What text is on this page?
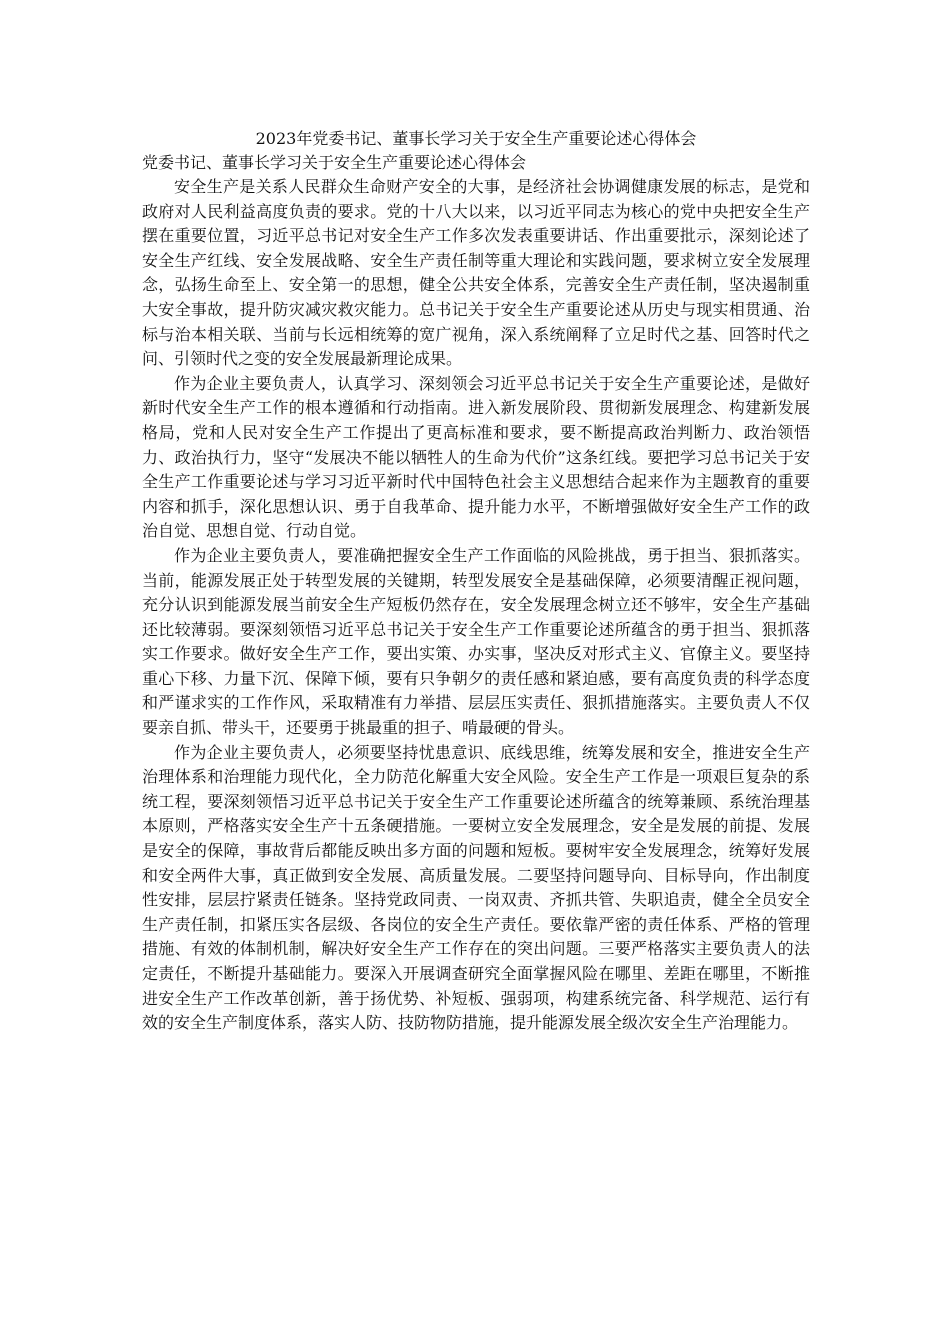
2023年党委书记、董事长学习关于安全生产重要论述心得体会
党委书记、董事长学习关于安全生产重要论述心得体会

安全生产是关系人民群众生命财产安全的大事，是经济社会协调健康发展的标志，是党和政府对人民利益高度负责的要求。党的十八大以来，以习近平同志为核心的党中央把安全生产摆在重要位置，习近平总书记对安全生产工作多次发表重要讲话、作出重要批示，深刻论述了安全生产红线、安全发展战略、安全生产责任制等重大理论和实践问题，要求树立安全发展理念，弘扬生命至上、安全第一的思想，健全公共安全体系，完善安全生产责任制，坚决遏制重大安全事故，提升防灾减灾救灾能力。总书记关于安全生产重要论述从历史与现实相贯通、治标与治本相关联、当前与长远相统筹的宽广视角，深入系统阐释了立足时代之基、回答时代之问、引领时代之变的安全发展最新理论成果。

作为企业主要负责人，认真学习、深刻领会习近平总书记关于安全生产重要论述，是做好新时代安全生产工作的根本遵循和行动指南。进入新发展阶段、贯彻新发展理念、构建新发展格局，党和人民对安全生产工作提出了更高标准和要求，要不断提高政治判断力、政治领悟力、政治执行力，坚守“发展决不能以牺牲人的生命为代价”这条红线。要把学习总书记关于安全生产工作重要论述与学习习近平新时代中国特色社会主义思想结合起来作为主题教育的重要内容和抓手，深化思想认识、勇于自我革命、提升能力水平，不断增强做好安全生产工作的政治自觉、思想自觉、行动自觉。

作为企业主要负责人，要准确把握安全生产工作面临的风险挑战，勇于担当、狠抓落实。当前，能源发展正处于转型发展的关键期，转型发展安全是基础保障，必须要清醒正视问题，充分认识到能源发展当前安全生产短板仍然存在，安全发展理念树立还不够牢，安全生产基础还比较薄弱。要深刻领悟习近平总书记关于安全生产工作重要论述所蕴含的勇于担当、狠抓落实工作要求。做好安全生产工作，要出实策、办实事，坚决反对形式主义、官僚主义。要坚持重心下移、力量下沉、保障下倾，要有只争朝夕的责任感和紧迫感，要有高度负责的科学态度和严谨求实的工作作风，采取精准有力举措、层层压实责任、狠抓措施落实。主要负责人不仅要亲自抓、带头干，还要勇于挑最重的担子、啃最硬的骨头。

作为企业主要负责人，必须要坚持忧患意识、底线思维，统筹发展和安全，推进安全生产治理体系和治理能力现代化，全力防范化解重大安全风险。安全生产工作是一项艰巨复杂的系统工程，要深刻领悟习近平总书记关于安全生产工作重要论述所蕴含的统筹兼顾、系统治理基本原则，严格落实安全生产十五条硬措施。一要树立安全发展理念，安全是发展的前提、发展是安全的保障，事故背后都能反映出多方面的问题和短板。要树牢安全发展理念，统筹好发展和安全两件大事，真正做到安全发展、高质量发展。二要坚持问题导向、目标导向，作出制度性安排，层层拧紧责任链条。坚持党政同责、一岗双责、齐抓共管、失职追责，健全全员安全生产责任制，扣紧压实各层级、各岗位的安全生产责任。要依靠严密的责任体系、严格的管理措施、有效的体制机制，解决好安全生产工作存在的突出问题。三要严格落实主要负责人的法定责任，不断提升基础能力。要深入开展调查研究全面掌握风险在哪里、差距在哪里，不断推进安全生产工作改革创新，善于扬优势、补短板、强弱项，构建系统完备、科学规范、运行有效的安全生产制度体系，落实人防、技防物防措施，提升能源发展全级次安全生产治理能力。
